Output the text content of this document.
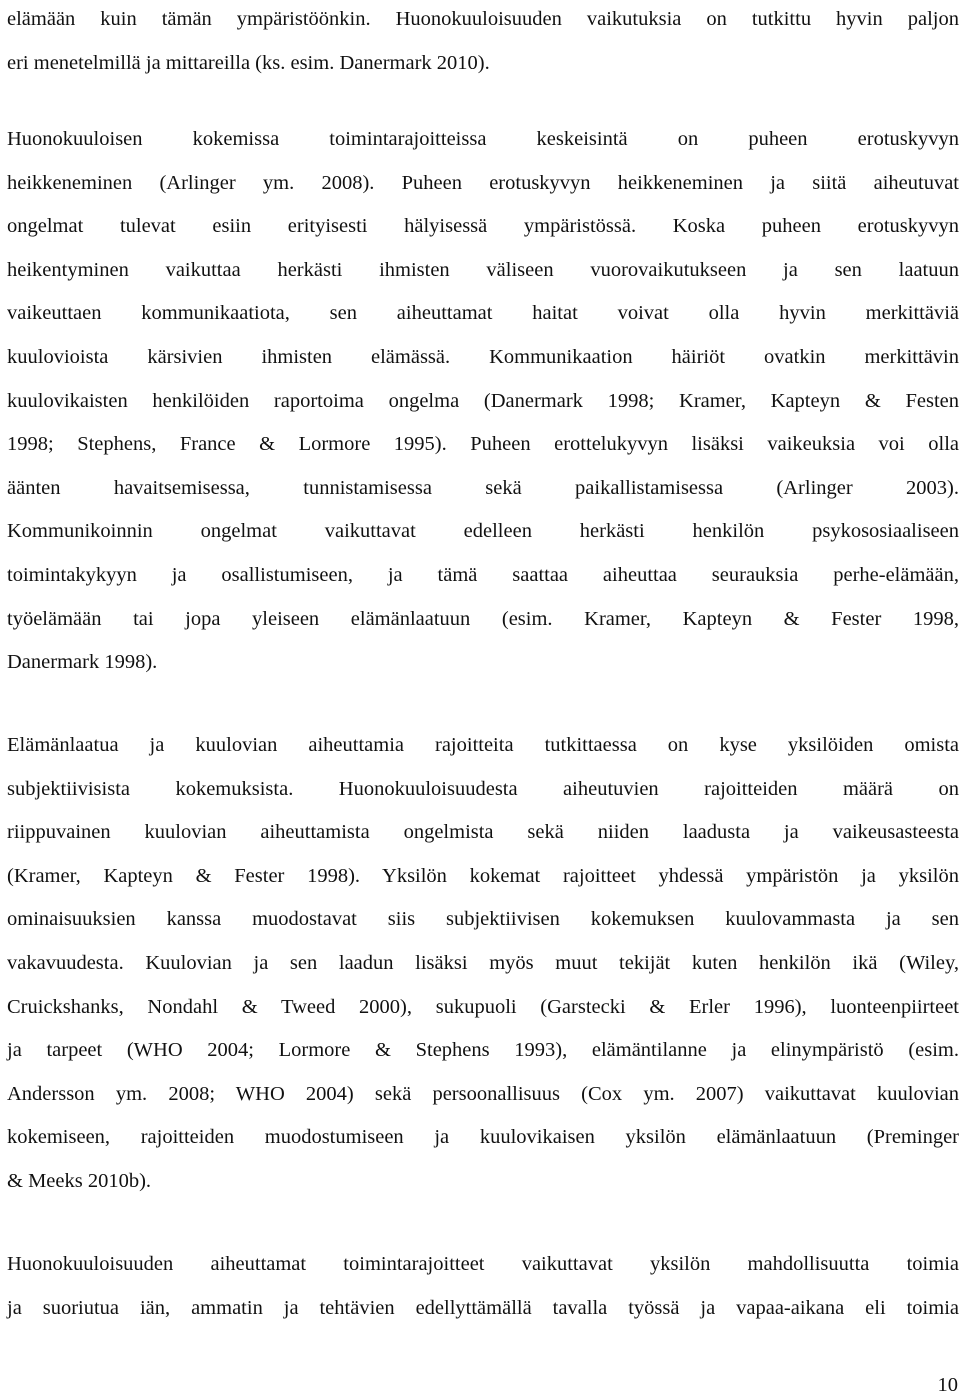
elämään kuin tämän ympäristöönkin. Huonokuuloisuuden vaikutuksia on tutkittu hyvin paljon
eri menetelmillä ja mittareilla (ks. esim. Danermark 2010).
Huonokuuloisen kokemissa toimintarajoitteissa keskeisintä on puheen erotuskyvyn
heikkeneminen (Arlinger ym. 2008). Puheen erotuskyvyn heikkeneminen ja siitä aiheutuvat
ongelmat tulevat esiin erityisesti hälyisessä ympäristössä. Koska puheen erotuskyvyn
heikentyminen vaikuttaa herkästi ihmisten väliseen vuorovaikutukseen ja sen laatuun
vaikeuttaen kommunikaatiota, sen aiheuttamat haitat voivat olla hyvin merkittäviä
kuulovioista kärsivien ihmisten elämässä. Kommunikaation häiriöt ovatkin merkittävin
kuulovikaisten henkilöiden raportoima ongelma (Danermark 1998; Kramer, Kapteyn & Festen
1998; Stephens, France & Lormore 1995). Puheen erottelukyvyn lisäksi vaikeuksia voi olla
äänten havaitsemisessa, tunnistamisessa sekä paikallistamisessa (Arlinger 2003).
Kommunikoinnin ongelmat vaikuttavat edelleen herkästi henkilön psykososiaaliseen
toimintakykyyn ja osallistumiseen, ja tämä saattaa aiheuttaa seurauksia perhe-elämään,
työelämään tai jopa yleiseen elämänlaatuun (esim. Kramer, Kapteyn & Fester 1998,
Danermark 1998).
Elämänlaatua ja kuulovian aiheuttamia rajoitteita tutkittaessa on kyse yksilöiden omista
subjektiivisista kokemuksista. Huonokuuloisuudesta aiheutuvien rajoitteiden määrä on
riippuvainen kuulovian aiheuttamista ongelmista sekä niiden laadusta ja vaikeusasteesta
(Kramer, Kapteyn & Fester 1998). Yksilön kokemat rajoitteet yhdessä ympäristön ja yksilön
ominaisuuksien kanssa muodostavat siis subjektiivisen kokemuksen kuulovammasta ja sen
vakavuudesta. Kuulovian ja sen laadun lisäksi myös muut tekijät kuten henkilön ikä (Wiley,
Cruickshanks, Nondahl & Tweed 2000), sukupuoli (Garstecki & Erler 1996), luonteenpiirteet
ja tarpeet (WHO 2004; Lormore & Stephens 1993), elämäntilanne ja elinympäristö (esim.
Andersson ym. 2008; WHO 2004) sekä persoonallisuus (Cox ym. 2007) vaikuttavat kuulovian
kokemiseen, rajoitteiden muodostumiseen ja kuulovikaisen yksilön elämänlaatuun (Preminger
& Meeks 2010b).
Huonokuuloisuuden aiheuttamat toimintarajoitteet vaikuttavat yksilön mahdollisuutta toimia
ja suoriutua iän, ammatin ja tehtävien edellyttämällä tavalla työssä ja vapaa-aikana eli toimia
10
